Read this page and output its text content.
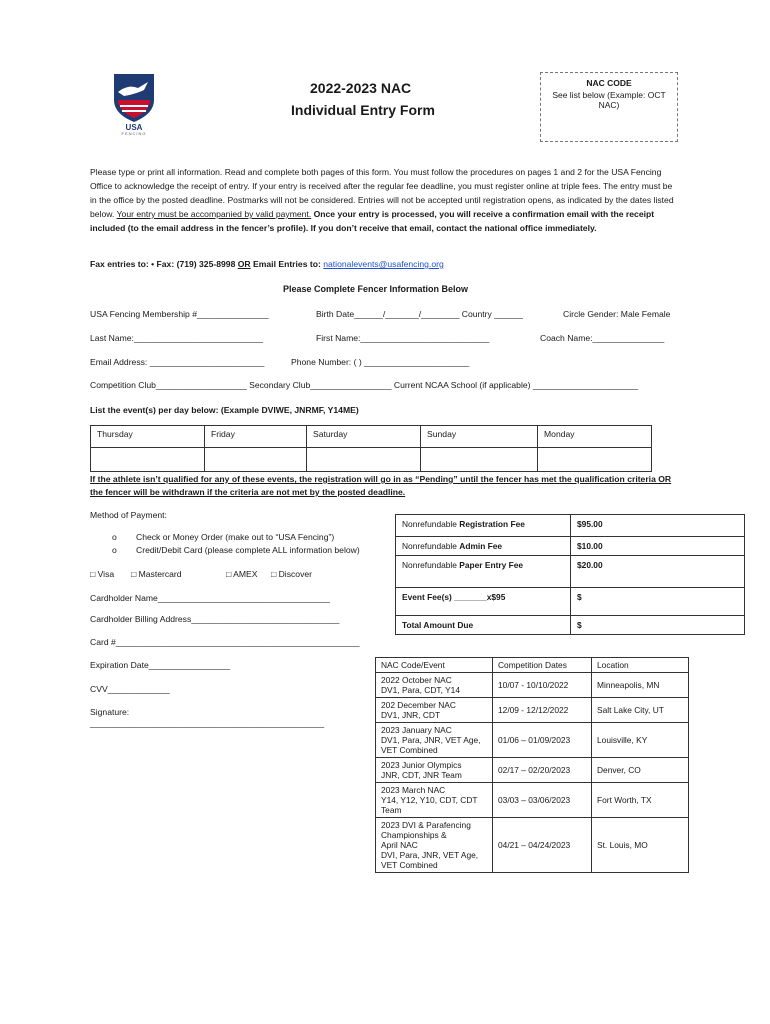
USA
FENCING
2022-2023 NAC
Individual Entry Form
NAC CODE
See list below (Example: OCT NAC)
Please type or print all information. Read and complete both pages of this form. You must follow the procedures on pages 1 and 2 for the USA Fencing Office to acknowledge the receipt of entry. If your entry is received after the regular fee deadline, you must register online at triple fees. The entry must be in the office by the posted deadline. Postmarks will not be considered. Entries will not be accepted until registration opens, as indicated by the dates listed below. Your entry must be accompanied by valid payment. Once your entry is processed, you will receive a confirmation email with the receipt included (to the email address in the fencer’s profile). If you don’t receive that email, contact the national office immediately.
Fax entries to: • Fax: (719) 325-8998 OR Email Entries to: nationalevents@usafencing.org
Please Complete Fencer Information Below
USA Fencing Membership #_______________	Birth Date______/_______/________ Country ______	Circle Gender: Male Female
Last Name:___________________________	First Name:___________________________	Coach Name:_______________
Email Address: ________________________	Phone Number: ( ) ______________________
Competition Club___________________ Secondary Club_________________ Current NCAA School (if applicable) ______________________
List the event(s) per day below: (Example DVIWE, JNRMF, Y14ME)
Thursday	Friday	Saturday	Sunday	Monday

If the athlete isn’t qualified for any of these events, the registration will go in as “Pending” until the fencer has met the qualification criteria OR the fencer will be withdrawn if the criteria are not met by the posted deadline.
Method of Payment:
o Check or Money Order (make out to “USA Fencing”)
o Credit/Debit Card (please complete ALL information below)
□ Visa □ Mastercard	□ AMEX □ Discover
Cardholder Name____________________________________
Cardholder Billing Address_______________________________
Card #___________________________________________________
Expiration Date_________________
CVV_____________
Signature:
_________________________________________________
Nonrefundable Registration Fee	$95.00
Nonrefundable Admin Fee	$10.00
Nonrefundable Paper Entry Fee	$20.00
Event Fee(s) _______x$95	$
Total Amount Due	$
NAC Code/Event	Competition Dates	Location

2022 October NAC
DV1, Para, CDT, Y14	10/07 - 10/10/2022	Minneapolis, MN

202 December NAC
DV1, JNR, CDT	12/09 - 12/12/2022	Salt Lake City, UT

2023 January NAC
DV1, Para, JNR, VET Age,
VET Combined	01/06 – 01/09/2023	Louisville, KY

2023 Junior Olympics
JNR, CDT, JNR Team	02/17 – 02/20/2023	Denver, CO

2023 March NAC
Y14, Y12, Y10, CDT, CDT
Team	03/03 – 03/06/2023	Fort Worth, TX

2023 DVI & Parafencing
Championships &
April NAC
DVI, Para, JNR, VET Age,
VET Combined	04/21 – 04/24/2023	St. Louis, MO
